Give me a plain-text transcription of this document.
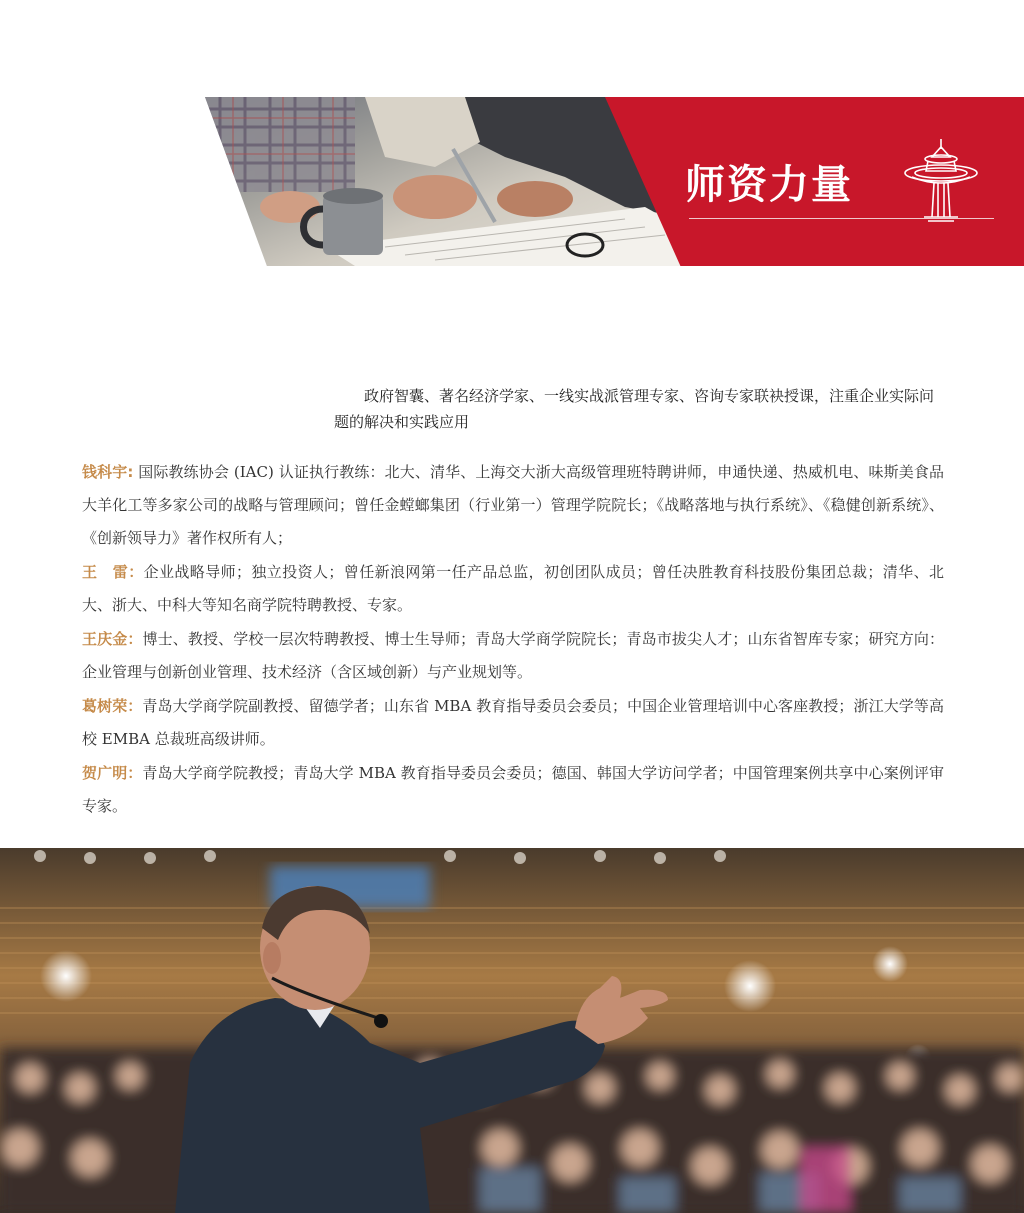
师资力量

政府智囊、著名经济学家、一线实战派管理专家、咨询专家联袂授课，注重企业实际问题的解决和实践应用

钱科宇: 国际教练协会 (IAC) 认证执行教练：北大、清华、上海交大浙大高级管理班特聘讲师，申通快递、热威机电、味斯美食品大羊化工等多家公司的战略与管理顾问；曾任金螳螂集团（行业第一）管理学院院长；《战略落地与执行系统》、《稳健创新系统》、《创新领导力》著作权所有人；

王　雷：企业战略导师；独立投资人；曾任新浪网第一任产品总监，初创团队成员；曾任决胜教育科技股份集团总裁；清华、北大、浙大、中科大等知名商学院特聘教授、专家。

王庆金：博士、教授、学校一层次特聘教授、博士生导师；青岛大学商学院院长；青岛市拔尖人才；山东省智库专家；研究方向：企业管理与创新创业管理、技术经济（含区域创新）与产业规划等。

葛树荣：青岛大学商学院副教授、留德学者；山东省 MBA 教育指导委员会委员；中国企业管理培训中心客座教授；浙江大学等高校 EMBA 总裁班高级讲师。

贺广明：青岛大学商学院教授；青岛大学 MBA 教育指导委员会委员；德国、韩国大学访问学者；中国管理案例共享中心案例评审专家。
